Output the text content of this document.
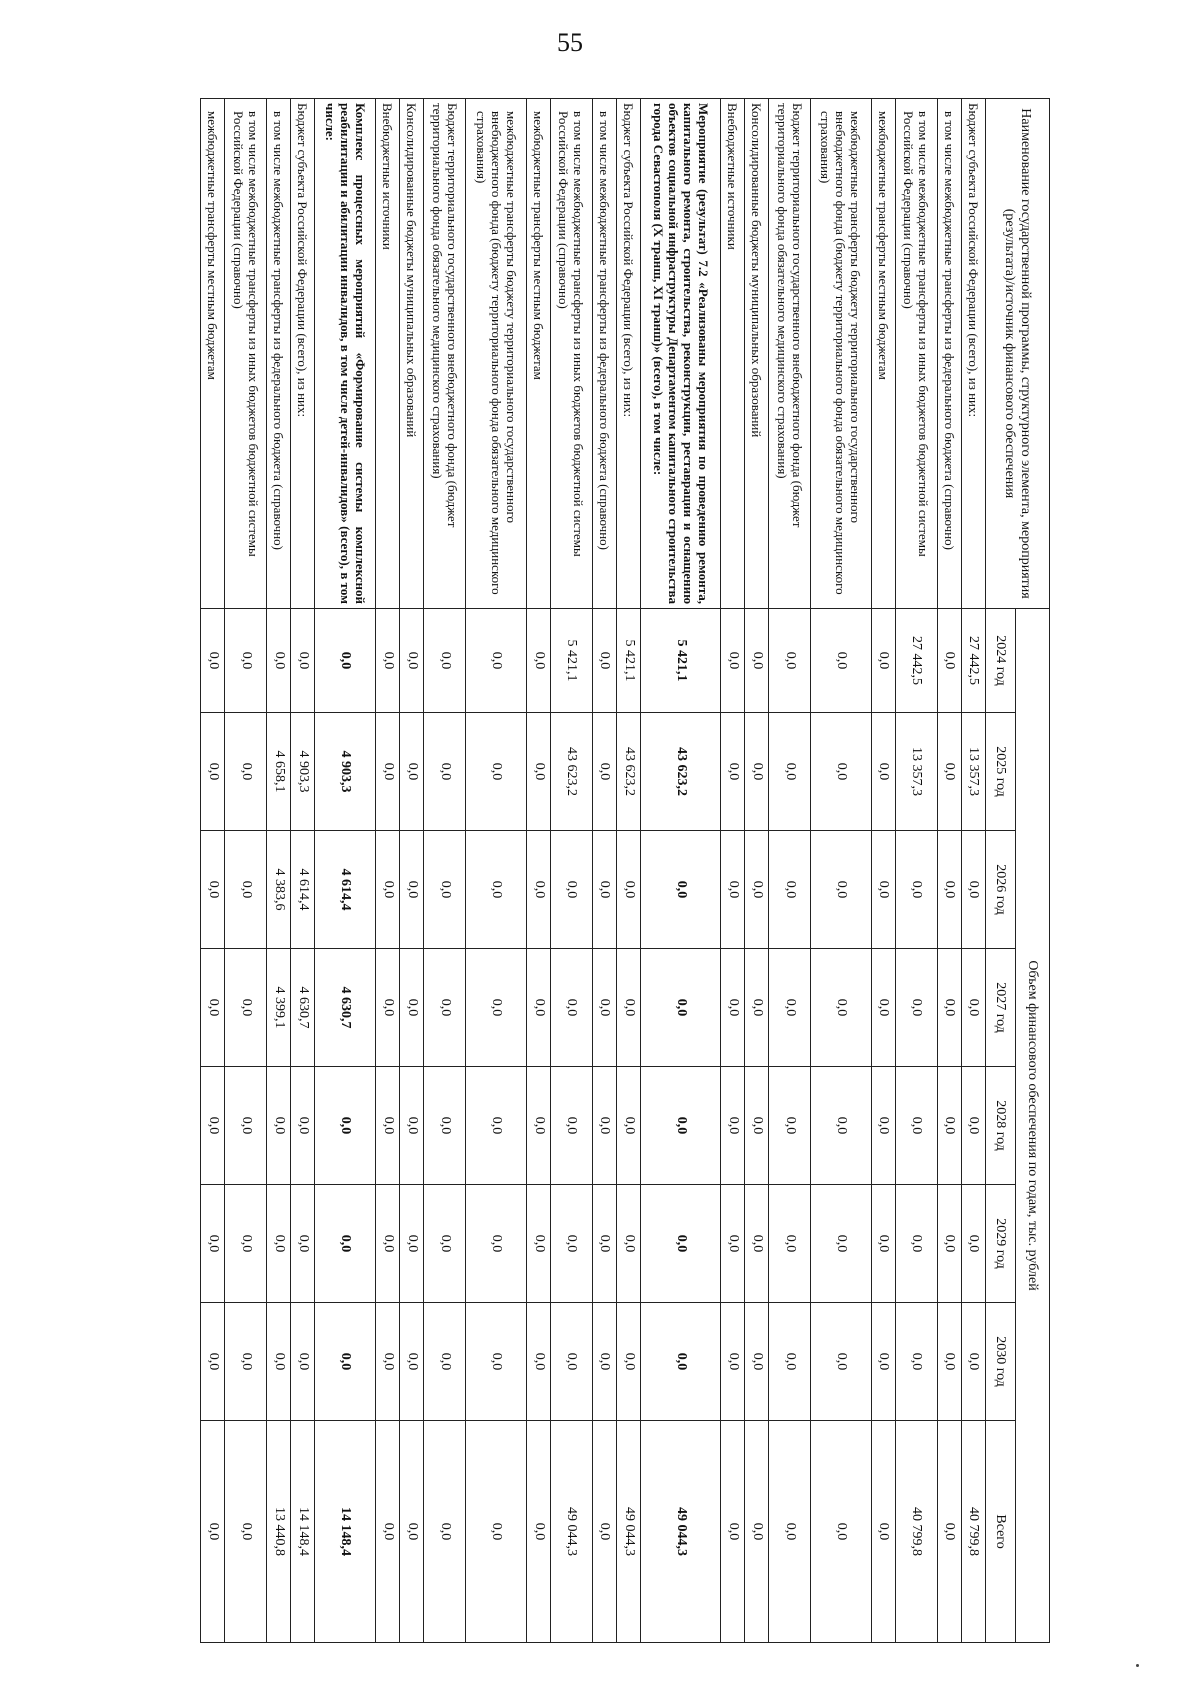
55
Наименование государственной программы, структурного элемента, мероприятия (результата)/источник финансового обеспечения	Объем финансового обеспечения по годам, тыс. рублей							
	2024 год	2025 год	2026 год	2027 год	2028 год	2029 год	2030 год	Всего
Бюджет субъекта Российской Федерации (всего), из них:	27 442,5	13 357,3	0,0	0,0	0,0	0,0	0,0	40 799,8
в том числе межбюджетные трансферты из федерального бюджета (справочно)	0,0	0,0	0,0	0,0	0,0	0,0	0,0	0,0
в том числе межбюджетные трансферты из иных бюджетов бюджетной системы Российской Федерации (справочно)	27 442,5	13 357,3	0,0	0,0	0,0	0,0	0,0	40 799,8
межбюджетные трансферты местным бюджетам	0,0	0,0	0,0	0,0	0,0	0,0	0,0	0,0
межбюджетные трансферты бюджету территориального государственного внебюджетного фонда (бюджету территориального фонда обязательного медицинского страхования)	0,0	0,0	0,0	0,0	0,0	0,0	0,0	0,0
Бюджет территориального государственного внебюджетного фонда (бюджет территориального фонда обязательного медицинского страхования)	0,0	0,0	0,0	0,0	0,0	0,0	0,0	0,0
Консолидированные бюджеты муниципальных образований	0,0	0,0	0,0	0,0	0,0	0,0	0,0	0,0
Внебюджетные источники	0,0	0,0	0,0	0,0	0,0	0,0	0,0	0,0
Мероприятие (результат) 7.2 «Реализованы мероприятия по проведению ремонта, капитального ремонта, строительства, реконструкции, реставрации и оснащению объектов социальной инфраструктуры Департаментом капитального строительства города Севастополя (X транш, XI транш)» (всего), в том числе:	5 421,1	43 623,2	0,0	0,0	0,0	0,0	0,0	49 044,3
Бюджет субъекта Российской Федерации (всего), из них:	5 421,1	43 623,2	0,0	0,0	0,0	0,0	0,0	49 044,3
в том числе межбюджетные трансферты из федерального бюджета (справочно)	0,0	0,0	0,0	0,0	0,0	0,0	0,0	0,0
в том числе межбюджетные трансферты из иных бюджетов бюджетной системы Российской Федерации (справочно)	5 421,1	43 623,2	0,0	0,0	0,0	0,0	0,0	49 044,3
межбюджетные трансферты местным бюджетам	0,0	0,0	0,0	0,0	0,0	0,0	0,0	0,0
межбюджетные трансферты бюджету территориального государственного внебюджетного фонда (бюджету территориального фонда обязательного медицинского страхования)	0,0	0,0	0,0	0,0	0,0	0,0	0,0	0,0
Бюджет территориального государственного внебюджетного фонда (бюджет территориального фонда обязательного медицинского страхования)	0,0	0,0	0,0	0,0	0,0	0,0	0,0	0,0
Консолидированные бюджеты муниципальных образований	0,0	0,0	0,0	0,0	0,0	0,0	0,0	0,0
Внебюджетные источники	0,0	0,0	0,0	0,0	0,0	0,0	0,0	0,0
Комплекс процессных мероприятий «Формирование системы комплексной реабилитации и абилитации инвалидов, в том числе детей-инвалидов» (всего), в том числе:	0,0	4 903,3	4 614,4	4 630,7	0,0	0,0	0,0	14 148,4
Бюджет субъекта Российской Федерации (всего), из них:	0,0	4 903,3	4 614,4	4 630,7	0,0	0,0	0,0	14 148,4
в том числе межбюджетные трансферты из федерального бюджета (справочно)	0,0	4 658,1	4 383,6	4 399,1	0,0	0,0	0,0	13 440,8
в том числе межбюджетные трансферты из иных бюджетов бюджетной системы Российской Федерации (справочно)	0,0	0,0	0,0	0,0	0,0	0,0	0,0	0,0
межбюджетные трансферты местным бюджетам	0,0	0,0	0,0	0,0	0,0	0,0	0,0	0,0
